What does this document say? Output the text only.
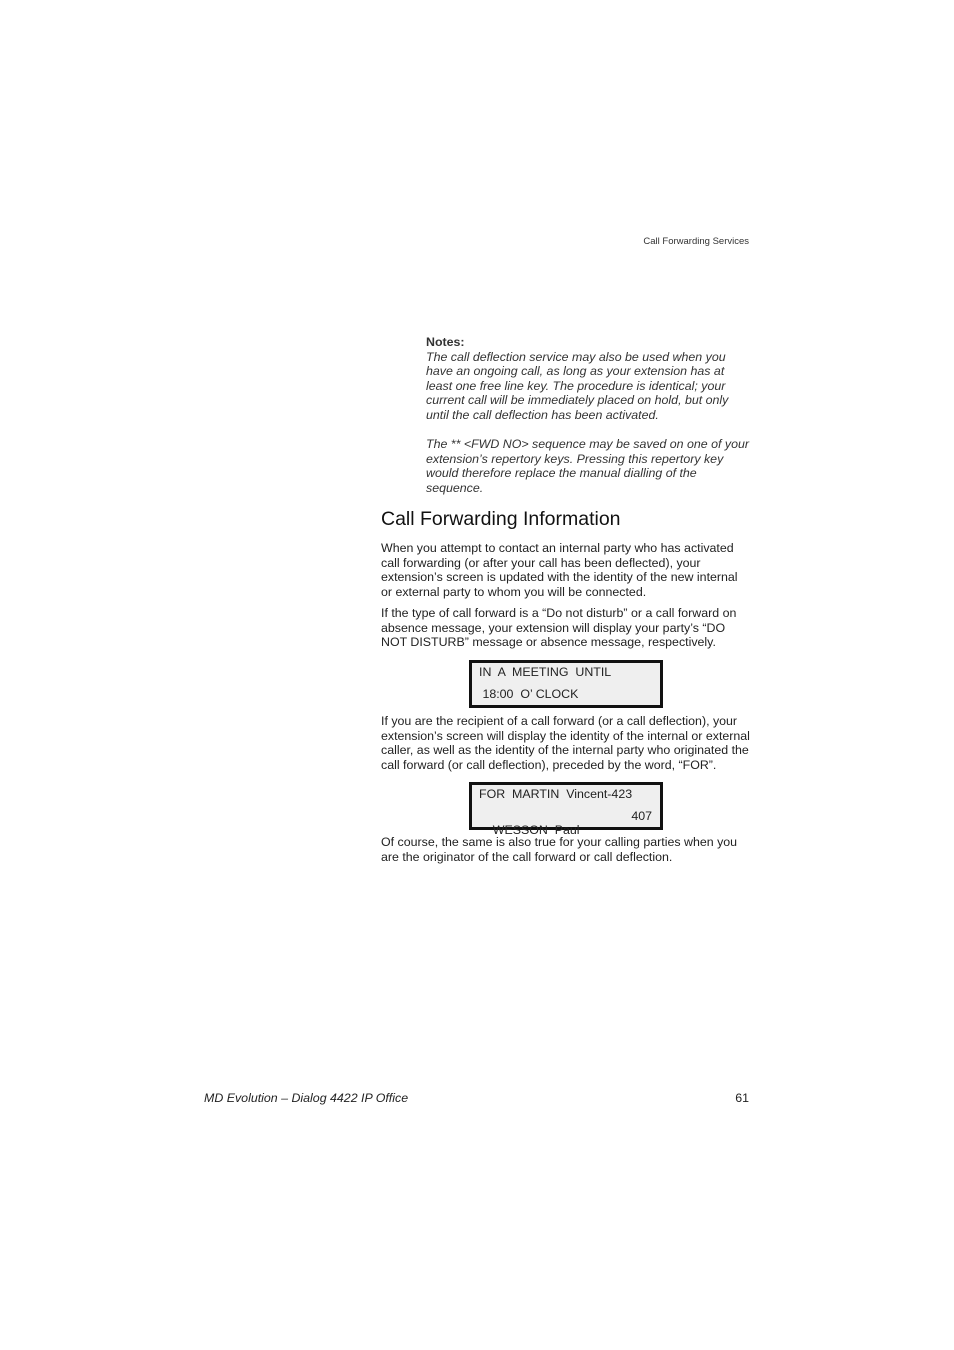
Call Forwarding Services
Notes:

The call deflection service may also be used when you have an ongoing call, as long as your extension has at least one free line key. The procedure is identical; your current call will be immediately placed on hold, but only until the call deflection has been activated.

The ** <FWD NO> sequence may be saved on one of your extension’s repertory keys. Pressing this repertory key would therefore replace the manual dialling of the sequence.

Call Forwarding Information

When you attempt to contact an internal party who has activated call forwarding (or after your call has been deflected), your extension’s screen is updated with the identity of the new internal or external party to whom you will be connected.

If the type of call forward is a “Do not disturb” or a call forward on absence message, your extension will display your party’s “DO NOT DISTURB” message or absence message, respectively.

IN  A  MEETING  UNTIL
18:00  O’ CLOCK

If you are the recipient of a call forward (or a call deflection), your extension’s screen will display the identity of the internal or external caller, as well as the identity of the internal party who originated the call forward (or call deflection), preceded by the word, “FOR”.

FOR  MARTIN  Vincent-423

WESSON  Paul

407

Of course, the same is also true for your calling parties when you are the originator of the call forward or call deflection.

MD Evolution – Dialog 4422 IP Office	61
